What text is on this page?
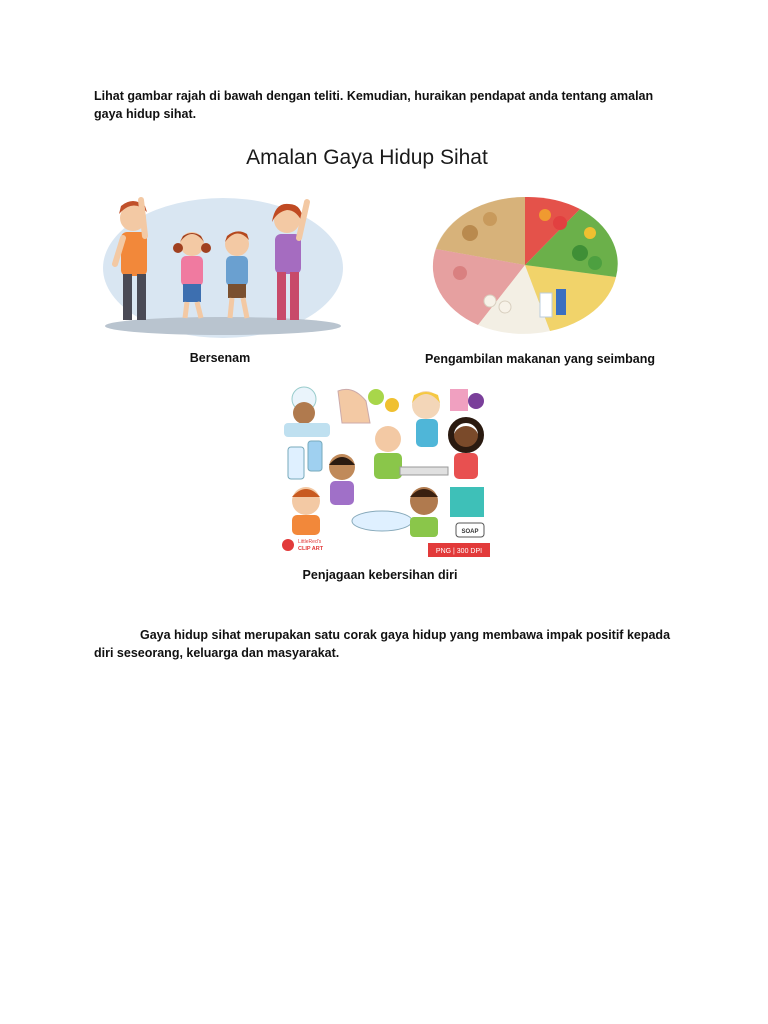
Lihat gambar rajah di bawah dengan teliti. Kemudian, huraikan pendapat anda tentang amalan gaya hidup sihat.
Amalan Gaya Hidup Sihat
Bersenam	Pengambilan makanan yang seimbang
SOAP
LittleRed's
CLIP ART	PNG | 300 DPI
Penjagaan kebersihan diri
Gaya hidup sihat merupakan satu corak gaya hidup yang membawa impak positif kepada diri seseorang, keluarga dan masyarakat.
